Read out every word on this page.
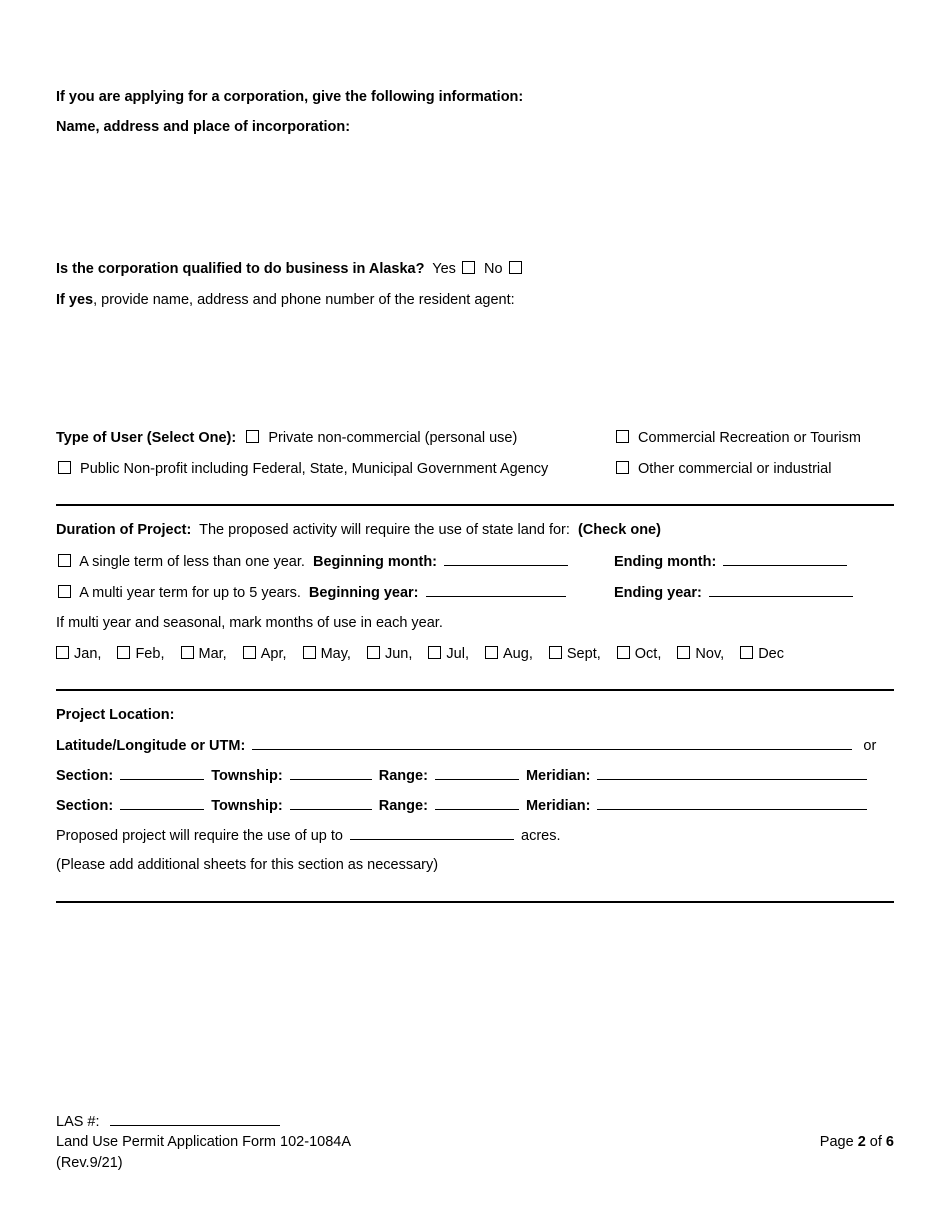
If you are applying for a corporation, give the following information:
Name, address and place of incorporation:
Is the corporation qualified to do business in Alaska? Yes No
If yes, provide name, address and phone number of the resident agent:
Type of User (Select One): Private non-commercial (personal use)	Commercial Recreation or Tourism
Public Non-profit including Federal, State, Municipal Government Agency	Other commercial or industrial
Duration of Project: The proposed activity will require the use of state land for: (Check one)
A single term of less than one year. Beginning month:	Ending month:
A multi year term for up to 5 years. Beginning year:	Ending year:
If multi year and seasonal, mark months of use in each year.
Jan, Feb, Mar, Apr, May, Jun, Jul, Aug, Sept, Oct, Nov, Dec
Project Location:
Latitude/Longitude or UTM:	or
Section:	Township:	Range:	Meridian:
Section:	Township:	Range:	Meridian:
Proposed project will require the use of up to	acres.
(Please add additional sheets for this section as necessary)
LAS #:
Land Use Permit Application Form 102-1084A
(Rev.9/21)
Page 2 of 6
